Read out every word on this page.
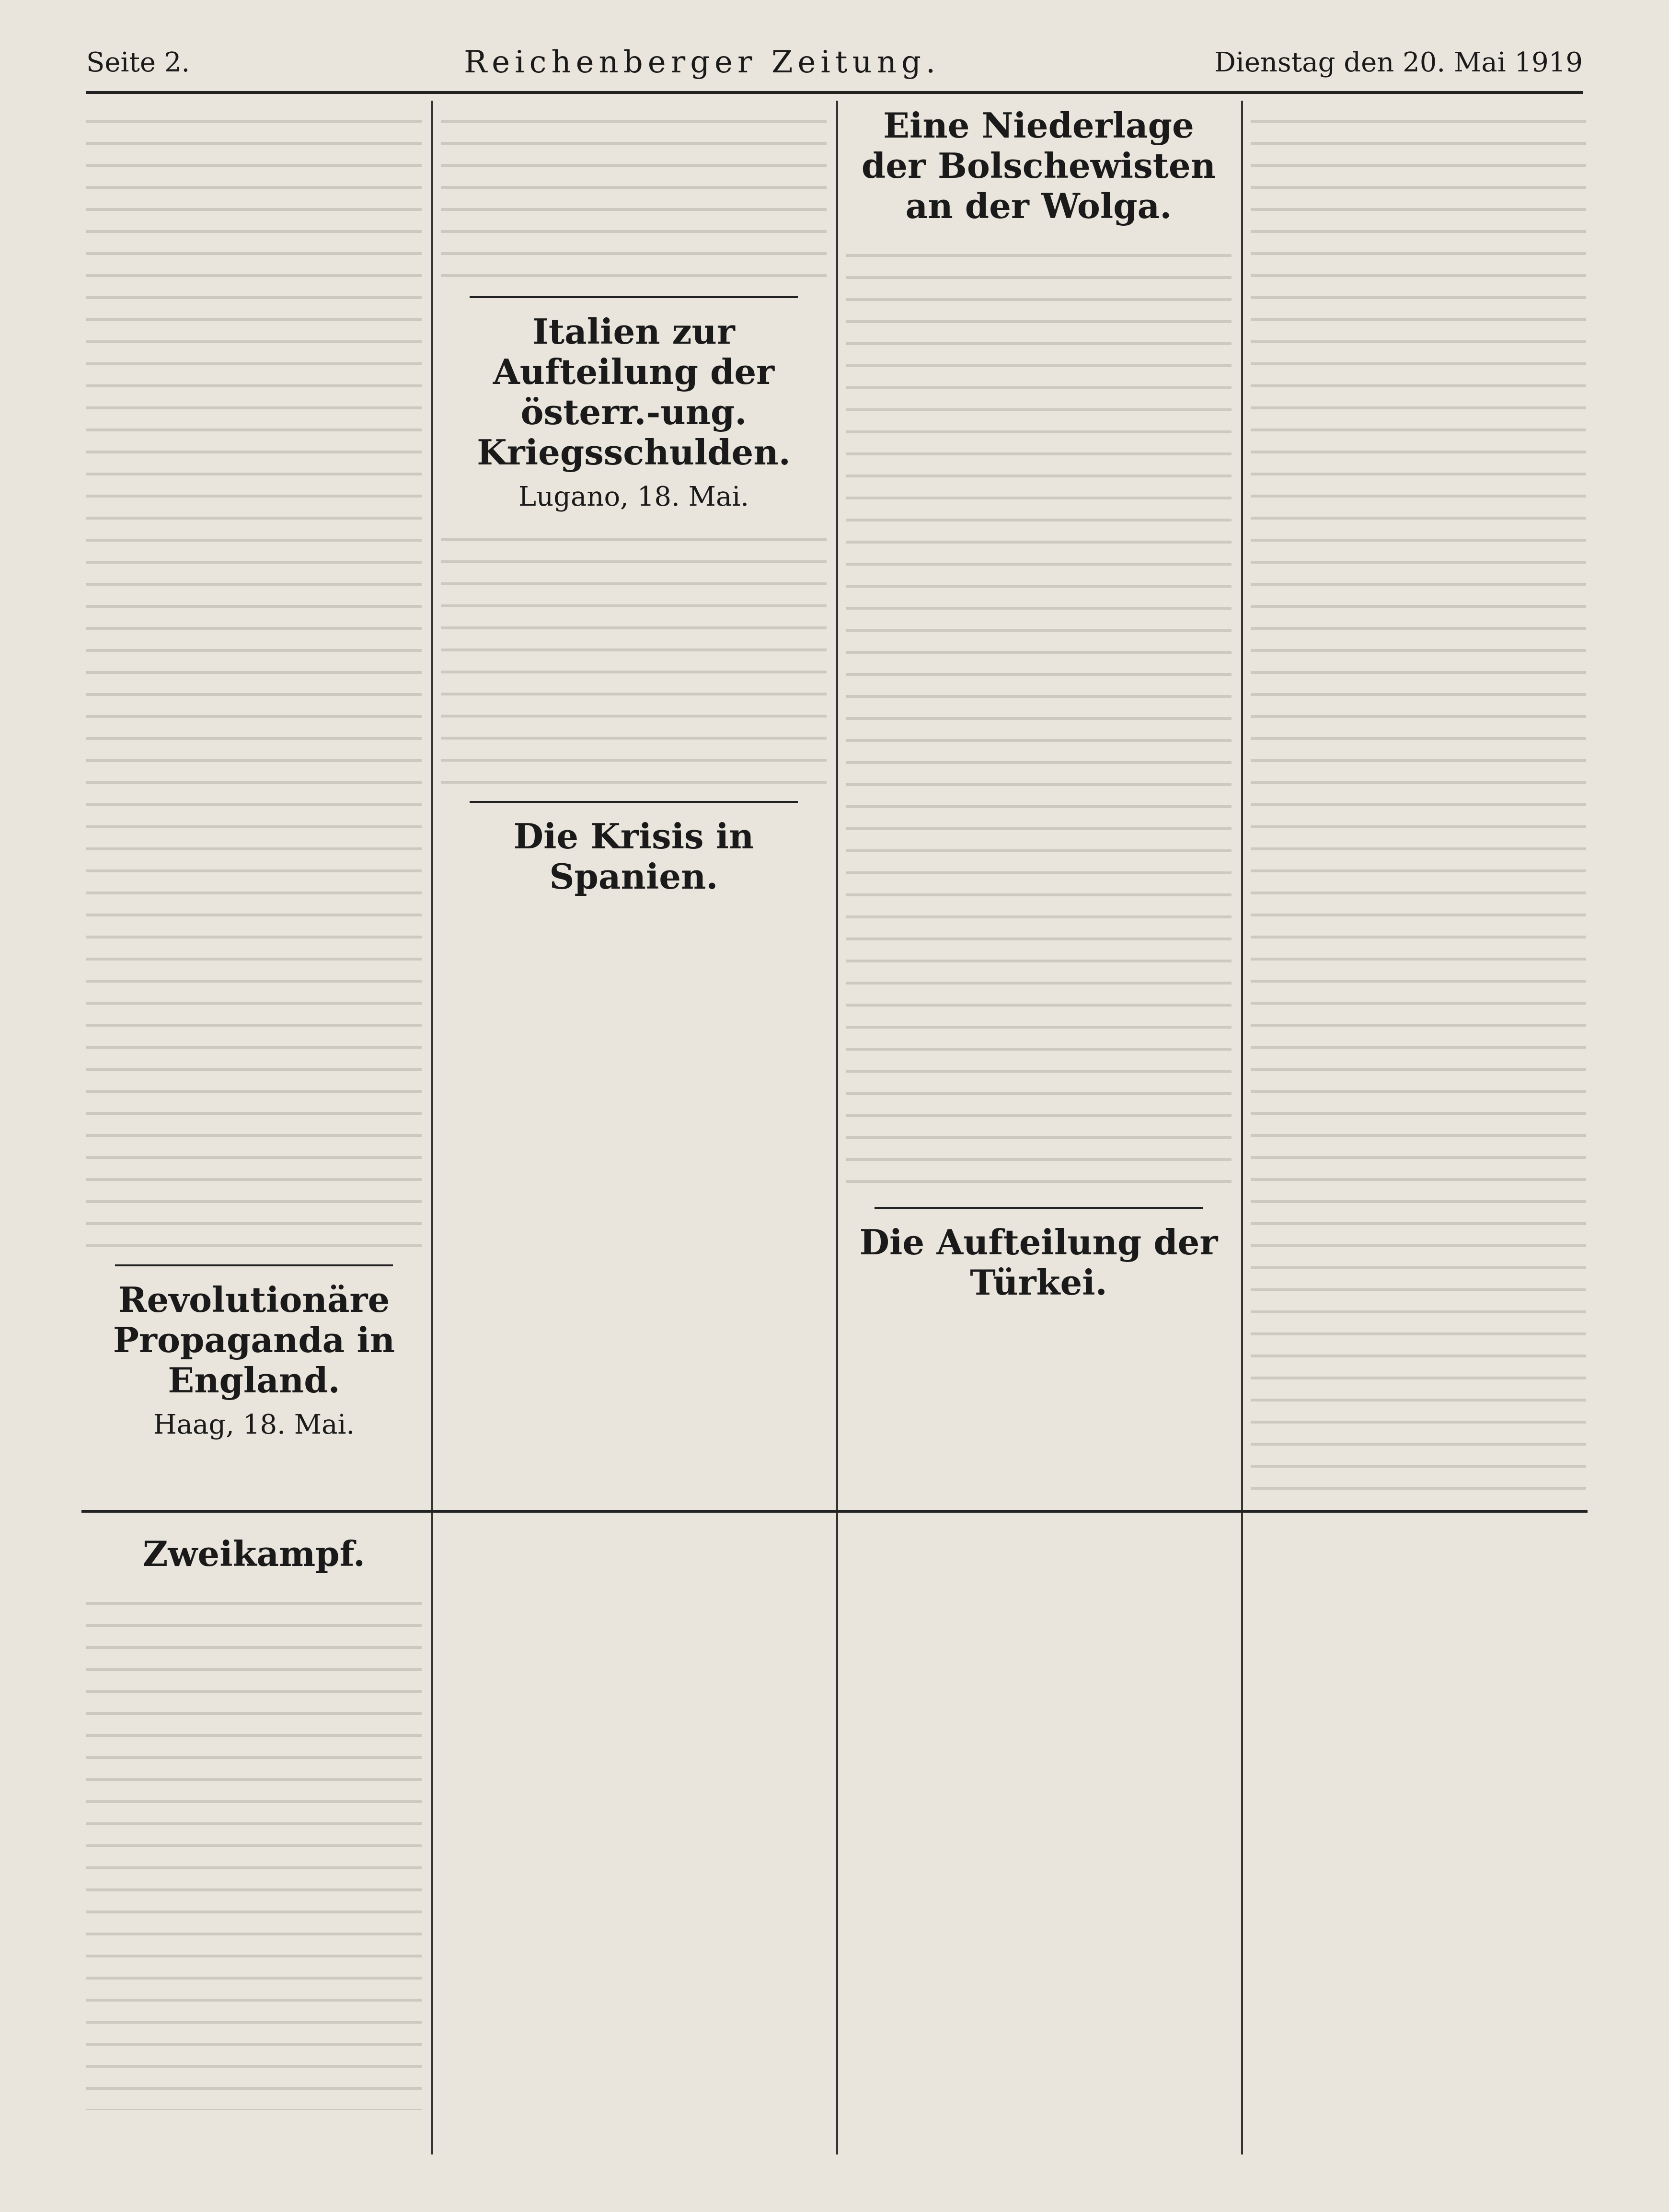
Seite 2.	Reichenberger Zeitung.	Dienstag den 20. Mai 1919
Revolutionäre Propaganda in England.
Haag, 18. Mai.
Italien zur Aufteilung der österr.-ung. Kriegsschulden.
Lugano, 18. Mai.
Die Krisis in Spanien.
Eine Niederlage der Bolschewisten an der Wolga.
Die Aufteilung der Türkei.
Zweikampf.
